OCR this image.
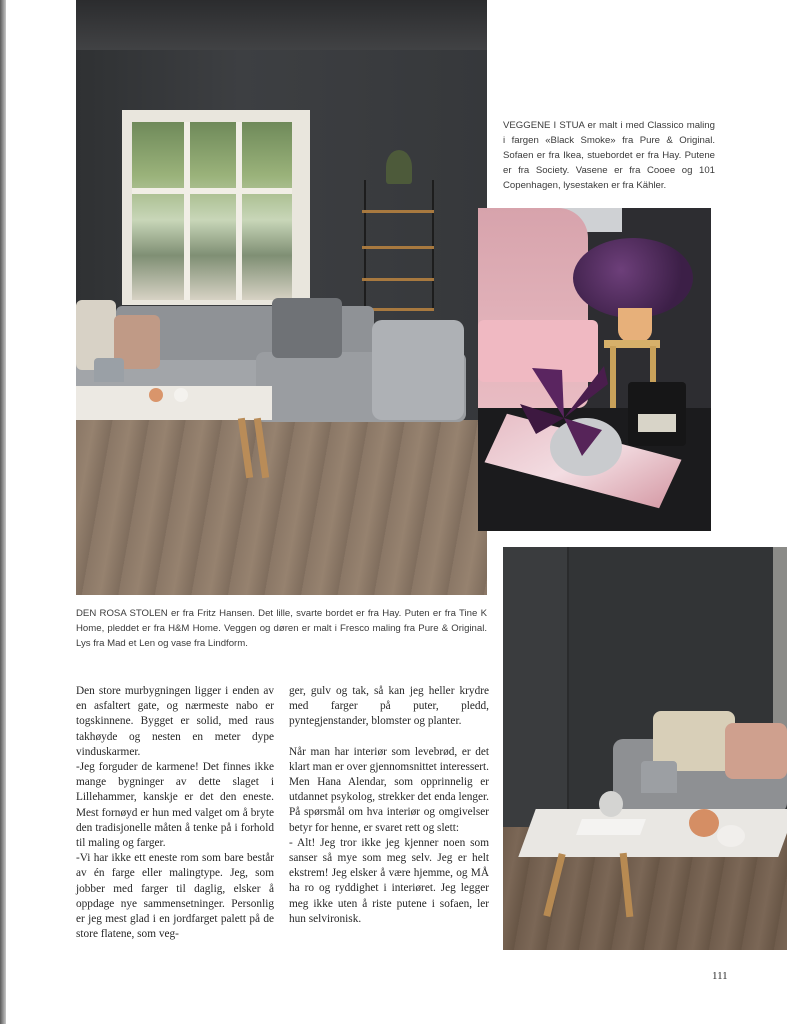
VEGGENE I STUA er malt i med Classico maling i fargen «Black Smoke» fra Pure & Original. Sofaen er fra Ikea, stuebordet er fra Hay. Putene er fra Society. Vasene er fra Cooee og 101 Copenhagen, lysestaken er fra Kähler.

DEN ROSA STOLEN er fra Fritz Hansen. Det lille, svarte bordet er fra Hay. Puten er fra Tine K Home, pleddet er fra H&M Home. Veggen og døren er malt i Fresco maling fra Pure & Original. Lys fra Mad et Len og vase fra Lindform.

Den store murbygningen ligger i enden av en asfaltert gate, og nærmeste nabo er togskinnene. Bygget er solid, med raus takhøyde og nesten en meter dype vinduskarmer.

-Jeg forguder de karmene! Det finnes ikke mange bygninger av dette slaget i Lillehammer, kanskje er det den eneste. Mest fornøyd er hun med valget om å bryte den tradisjonelle måten å tenke på i forhold til maling og farger.

-Vi har ikke ett eneste rom som bare består av én farge eller malingtype. Jeg, som jobber med farger til daglig, elsker å oppdage nye sammensetninger. Personlig er jeg mest glad i en jordfarget palett på de store flatene, som veg-

ger, gulv og tak, så kan jeg heller krydre med farger på puter, pledd, pyntegjenstander, blomster og planter.

Når man har interiør som levebrød, er det klart man er over gjennomsnittet interessert. Men Hana Alendar, som opprinnelig er utdannet psykolog, strekker det enda lenger. På spørsmål om hva interiør og omgivelser betyr for henne, er svaret rett og slett:

- Alt! Jeg tror ikke jeg kjenner noen som sanser så mye som meg selv. Jeg er helt ekstrem! Jeg elsker å være hjemme, og MÅ ha ro og ryddighet i interiøret. Jeg legger meg ikke uten å riste putene i sofaen, ler hun selvironisk.

111
